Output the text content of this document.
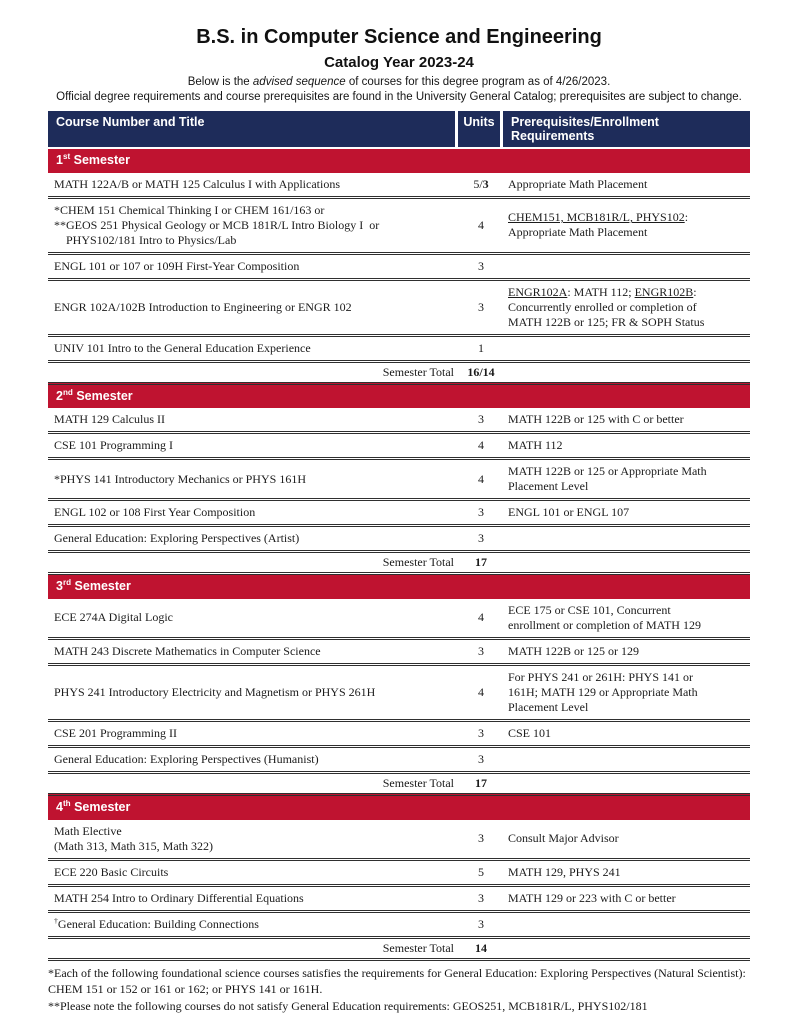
B.S. in Computer Science and Engineering
Catalog Year 2023-24
Below is the advised sequence of courses for this degree program as of 4/26/2023.
Official degree requirements and course prerequisites are found in the University General Catalog; prerequisites are subject to change.
Course Number and Title	Units	Prerequisites/Enrollment Requirements
1st Semester		

MATH 122A/B or MATH 125 Calculus I with Applications	5/3	Appropriate Math Placement

*CHEM 151 Chemical Thinking I or CHEM 161/163 or
**GEOS 251 Physical Geology or MCB 181R/L Intro Biology I  or
PHYS102/181 Intro to Physics/Lab
	4	
CHEM151, MCB181R/L, PHYS102:
Appropriate Math Placement

ENGL 101 or 107 or 109H First-Year Composition	3	

ENGR 102A/102B Introduction to Engineering or ENGR 102	3	ENGR102A: MATH 112; ENGR102B:
Concurrently enrolled or completion of
MATH 122B or 125; FR & SOPH Status

UNIV 101 Intro to the General Education Experience	1	
Semester Total	16/14	
2nd Semester		

MATH 129 Calculus II	3	MATH 122B or 125 with C or better

CSE 101 Programming I	4	MATH 112

*PHYS 141 Introductory Mechanics or PHYS 161H	4	MATH 122B or 125 or Appropriate Math
Placement Level

ENGL 102 or 108 First Year Composition	3	ENGL 101 or ENGL 107

General Education: Exploring Perspectives (Artist)	3	
Semester Total	17	
3rd Semester		

ECE 274A Digital Logic	4	ECE 175 or CSE 101, Concurrent
enrollment or completion of MATH 129

MATH 243 Discrete Mathematics in Computer Science	3	MATH 122B or 125 or 129

PHYS 241 Introductory Electricity and Magnetism or PHYS 261H	4	For PHYS 241 or 261H: PHYS 141 or
161H; MATH 129 or Appropriate Math
Placement Level

CSE 201 Programming II	3	CSE 101

General Education: Exploring Perspectives (Humanist)	3	
Semester Total	17	
4th Semester		

Math Elective
(Math 313, Math 315, Math 322)	3	Consult Major Advisor

ECE 220 Basic Circuits	5	MATH 129, PHYS 241

MATH 254 Intro to Ordinary Differential Equations	3	MATH 129 or 223 with C or better

†General Education: Building Connections	3	
Semester Total	14	

*Each of the following foundational science courses satisfies the requirements for General Education: Exploring Perspectives (Natural Scientist): CHEM 151 or 152 or 161 or 162; or PHYS 141 or 161H.

**Please note the following courses do not satisfy General Education requirements: GEOS251, MCB181R/L, PHYS102/181
